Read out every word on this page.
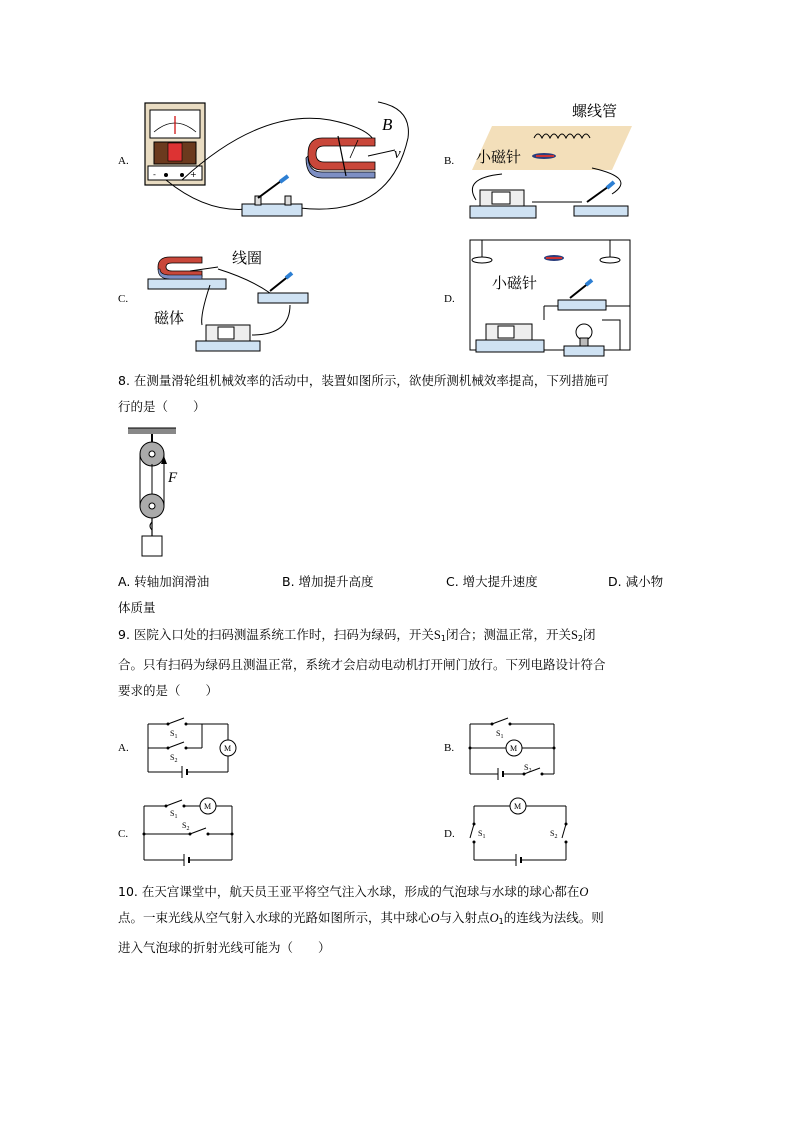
A.
-	+
B
v	B.
螺线管
小磁针
C.
线圈
磁体
D.
小磁针
8. 在测量滑轮组机械效率的活动中，装置如图所示，欲使所测机械效率提高，下列措施可
行的是（　　）
F
A. 转轴加润滑油	B. 增加提升高度	C. 增大提升速度	D. 减小物
体质量
9. 医院入口处的扫码测温系统工作时，扫码为绿码，开关$S_1$闭合；测温正常，开关$S_2$闭
合。只有扫码为绿码且测温正常，系统才会启动电动机打开闸门放行。下列电路设计符合
要求的是（　　）
A.
$S_1$
$S_2$
M	B.
$S_1$
M
$S_2$
C.
M
$S_1$
$S_2$	D.
M
$S_1$	$S_2$
10. 在天宫课堂中，航天员王亚平将空气注入水球，形成的气泡球与水球的球心都在O
点。一束光线从空气射入水球的光路如图所示，其中球心O与入射点$O_1$的连线为法线。则
进入气泡球的折射光线可能为（　　）
